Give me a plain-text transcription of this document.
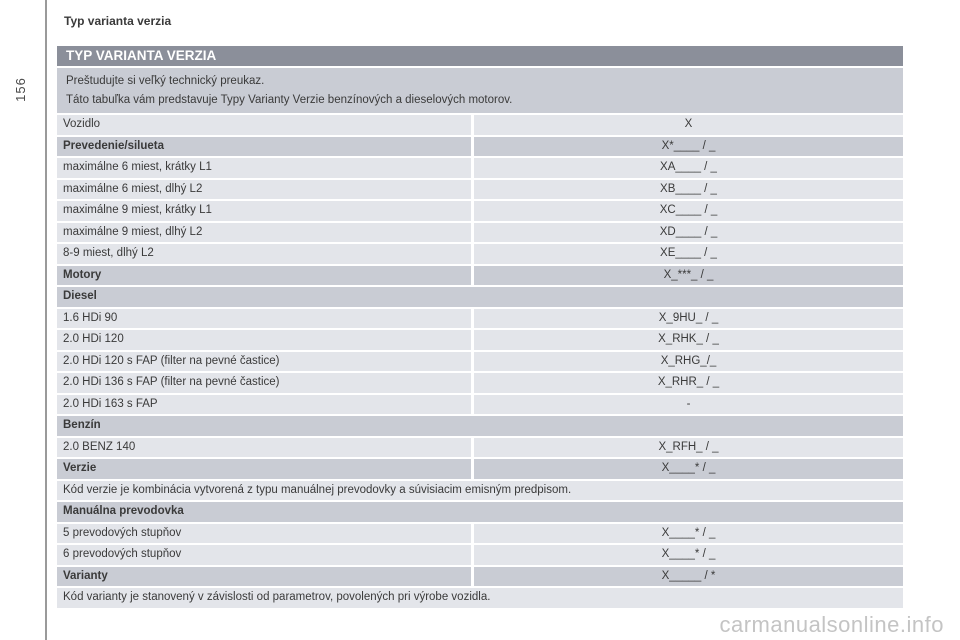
156
Typ varianta verzia
TYP VARIANTA VERZIA
Preštudujte si veľký technický preukaz.
Táto tabuľka vám predstavuje Typy Varianty Verzie benzínových a dieselových motorov.
Vozidlo	X
Prevedenie/silueta	X*____ / _
maximálne 6 miest, krátky L1	XA____ / _
maximálne 6 miest, dlhý L2	XB____ / _
maximálne 9 miest, krátky L1	XC____ / _
maximálne 9 miest, dlhý L2	XD____ / _
8-9 miest, dlhý L2	XE____ / _
Motory	X_***_ / _
Diesel
1.6 HDi 90	X_9HU_ / _
2.0 HDi 120	X_RHK_ / _
2.0 HDi 120 s FAP (filter na pevné častice)	X_RHG_/_
2.0 HDi 136 s FAP (filter na pevné častice)	X_RHR_ / _
2.0 HDi 163 s FAP	-
Benzín
2.0 BENZ 140	X_RFH_ / _
Verzie	X____* / _
Kód verzie je kombinácia vytvorená z typu manuálnej prevodovky a súvisiacim emisným predpisom.
Manuálna prevodovka
5 prevodových stupňov	X____* / _
6 prevodových stupňov	X____* / _
Varianty	X_____ / *
Kód varianty je stanovený v závislosti od parametrov, povolených pri výrobe vozidla.
carmanualsonline.info
